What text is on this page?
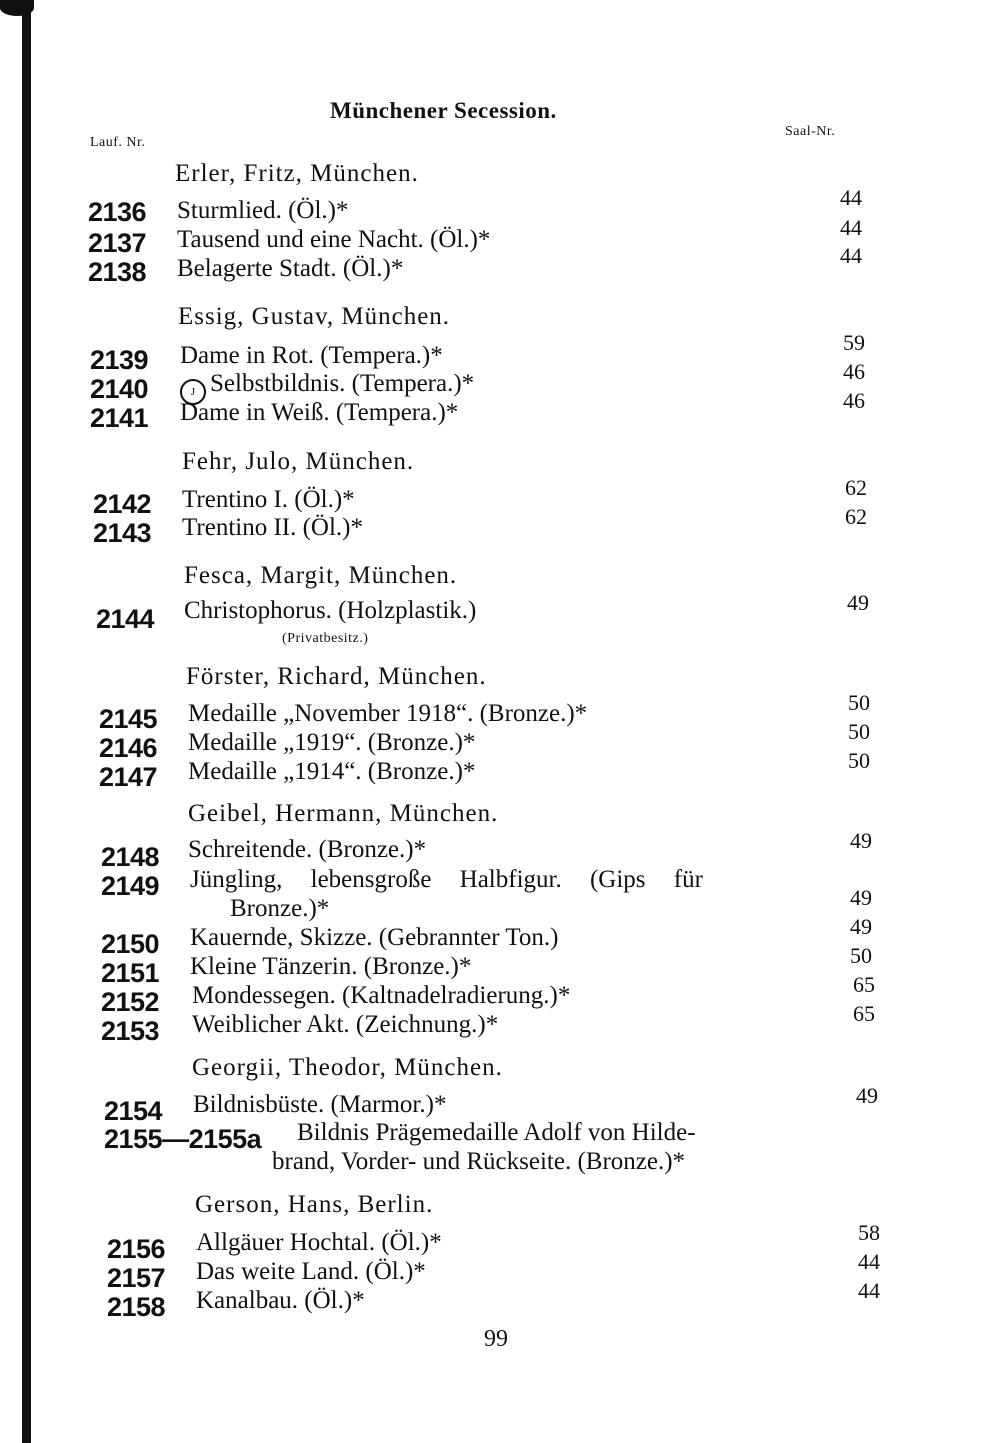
Münchener Secession.
Lauf. Nr.
Saal-Nr.
Erler, Fritz, München.
2136 Sturmlied. (Öl.)*	44
2137 Tausend und eine Nacht. (Öl.)*	44
2138 Belagerte Stadt. (Öl.)*	44
Essig, Gustav, München.
2139 Dame in Rot. (Tempera.)*	59
2140	J Selbstbildnis. (Tempera.)*	46
2141 Dame in Weiß. (Tempera.)*	46
Fehr, Julo, München.
2142 Trentino I. (Öl.)*	62
2143 Trentino II. (Öl.)*	62
Fesca, Margit, München.
2144 Christophorus. (Holzplastik.)	49
(Privatbesitz.)
Förster, Richard, München.
2145 Medaille „November 1918“. (Bronze.)*	50
2146 Medaille „1919“. (Bronze.)*	50
2147 Medaille „1914“. (Bronze.)*	50
Geibel, Hermann, München.
2148 Schreitende. (Bronze.)*	49
2149 Jüngling, lebensgroße Halbfigur. (Gips für
Bronze.)*	49
2150 Kauernde, Skizze. (Gebrannter Ton.)	49
2151 Kleine Tänzerin. (Bronze.)*	50
2152 Mondessegen. (Kaltnadelradierung.)*	65
2153 Weiblicher Akt. (Zeichnung.)*	65
Georgii, Theodor, München.
2154 Bildnisbüste. (Marmor.)*	49
2155—2155a Bildnis Prägemedaille Adolf von Hilde-
brand, Vorder- und Rückseite. (Bronze.)*
Gerson, Hans, Berlin.
2156 Allgäuer Hochtal. (Öl.)*	58
2157 Das weite Land. (Öl.)*	44
2158 Kanalbau. (Öl.)*	44
99
